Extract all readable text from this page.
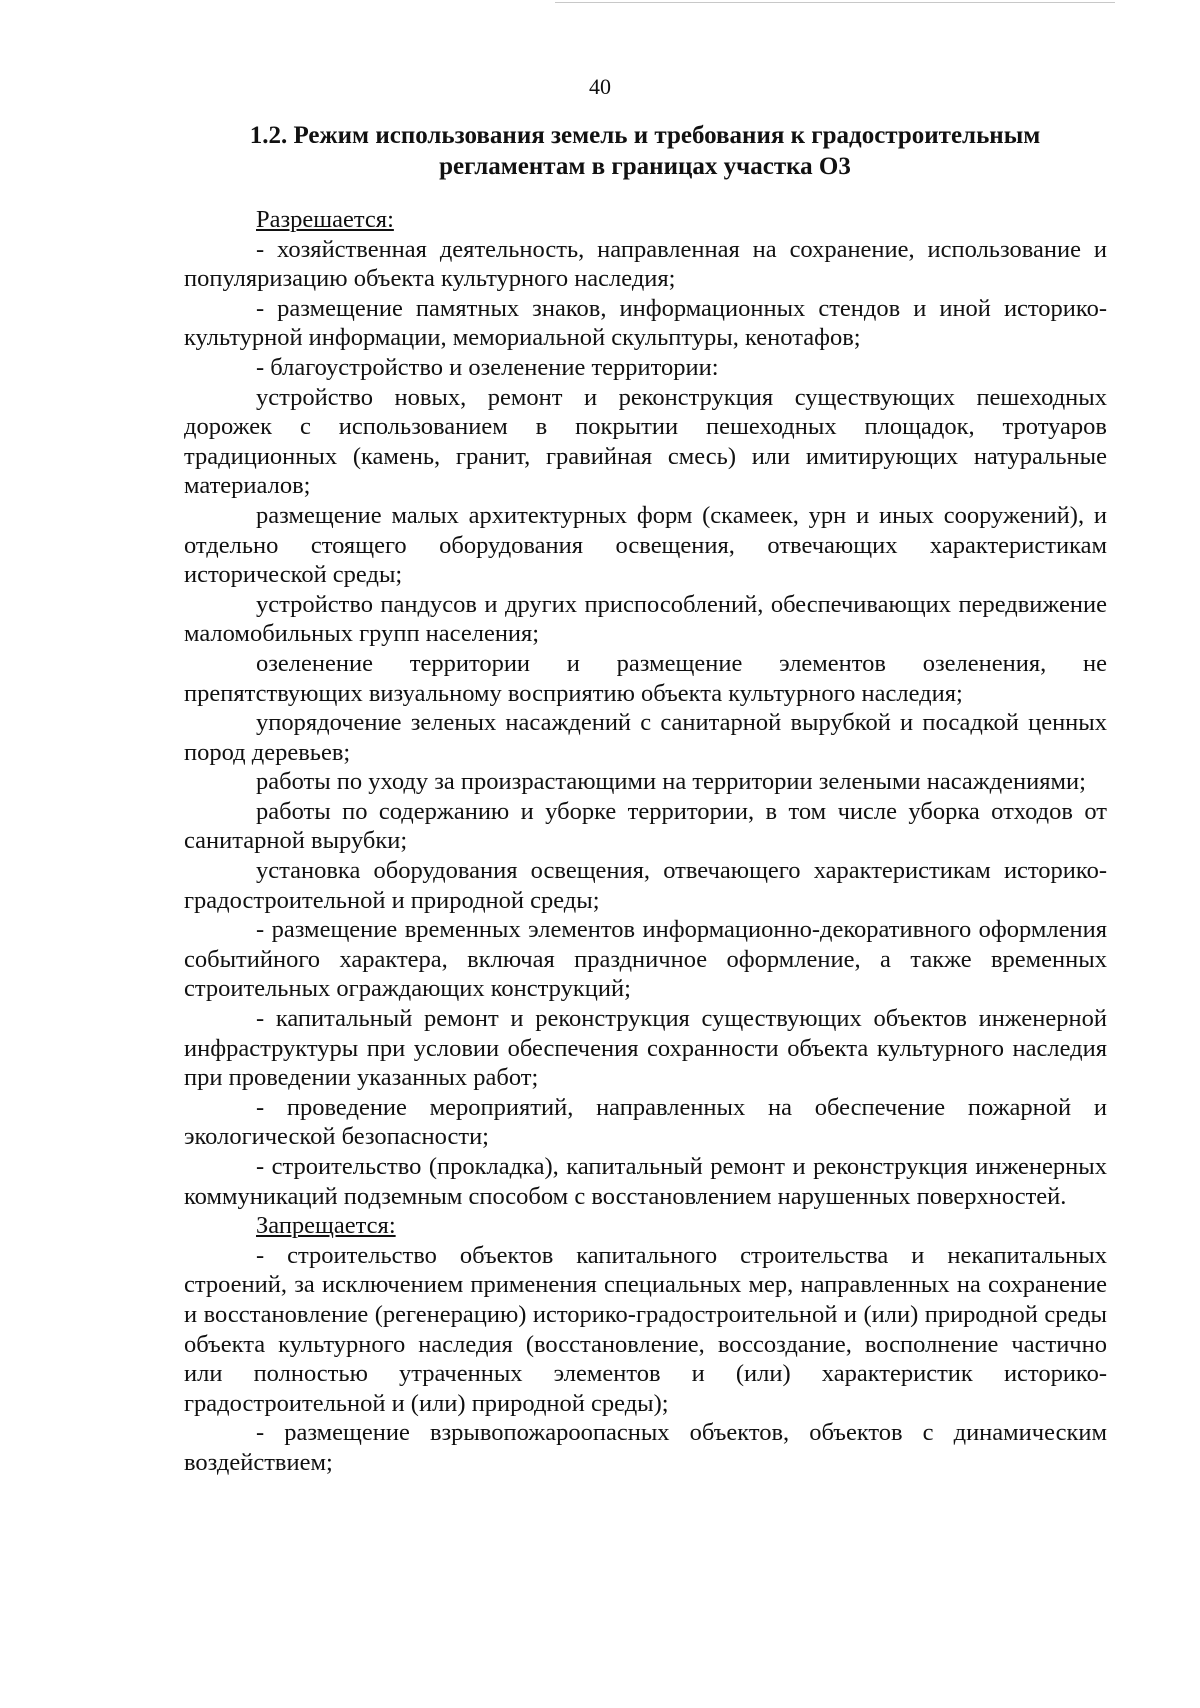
40
1.2. Режим использования земель и требования к градостроительным
регламентам в границах участка О3

Разрешается:

- хозяйственная деятельность, направленная на сохранение, использование и популяризацию объекта культурного наследия;

- размещение памятных знаков, информационных стендов и иной историко-культурной информации, мемориальной скульптуры, кенотафов;

- благоустройство и озеленение территории:

устройство новых, ремонт и реконструкция существующих пешеходных дорожек с использованием в покрытии пешеходных площадок, тротуаров традиционных (камень, гранит, гравийная смесь) или имитирующих натуральные материалов;

размещение малых архитектурных форм (скамеек, урн и иных сооружений), и отдельно стоящего оборудования освещения, отвечающих характеристикам исторической среды;

устройство пандусов и других приспособлений, обеспечивающих передвижение маломобильных групп населения;

озеленение территории и размещение элементов озеленения, не препятствующих визуальному восприятию объекта культурного наследия;

упорядочение зеленых насаждений с санитарной вырубкой и посадкой ценных пород деревьев;

работы по уходу за произрастающими на территории зелеными насаждениями;

работы по содержанию и уборке территории, в том числе уборка отходов от санитарной вырубки;

установка оборудования освещения, отвечающего характеристикам историко-градостроительной и природной среды;

- размещение временных элементов информационно-декоративного оформления событийного характера, включая праздничное оформление, а также временных строительных ограждающих конструкций;

- капитальный ремонт и реконструкция существующих объектов инженерной инфраструктуры при условии обеспечения сохранности объекта культурного наследия при проведении указанных работ;

- проведение мероприятий, направленных на обеспечение пожарной и экологической безопасности;

- строительство (прокладка), капитальный ремонт и реконструкция инженерных коммуникаций подземным способом с восстановлением нарушенных поверхностей.

Запрещается:

- строительство объектов капитального строительства и некапитальных строений, за исключением применения специальных мер, направленных на сохранение и восстановление (регенерацию) историко-градостроительной и (или) природной среды объекта культурного наследия (восстановление, воссоздание, восполнение частично или полностью утраченных элементов и (или) характеристик историко-градостроительной и (или) природной среды);

- размещение взрывопожароопасных объектов, объектов с динамическим воздействием;
